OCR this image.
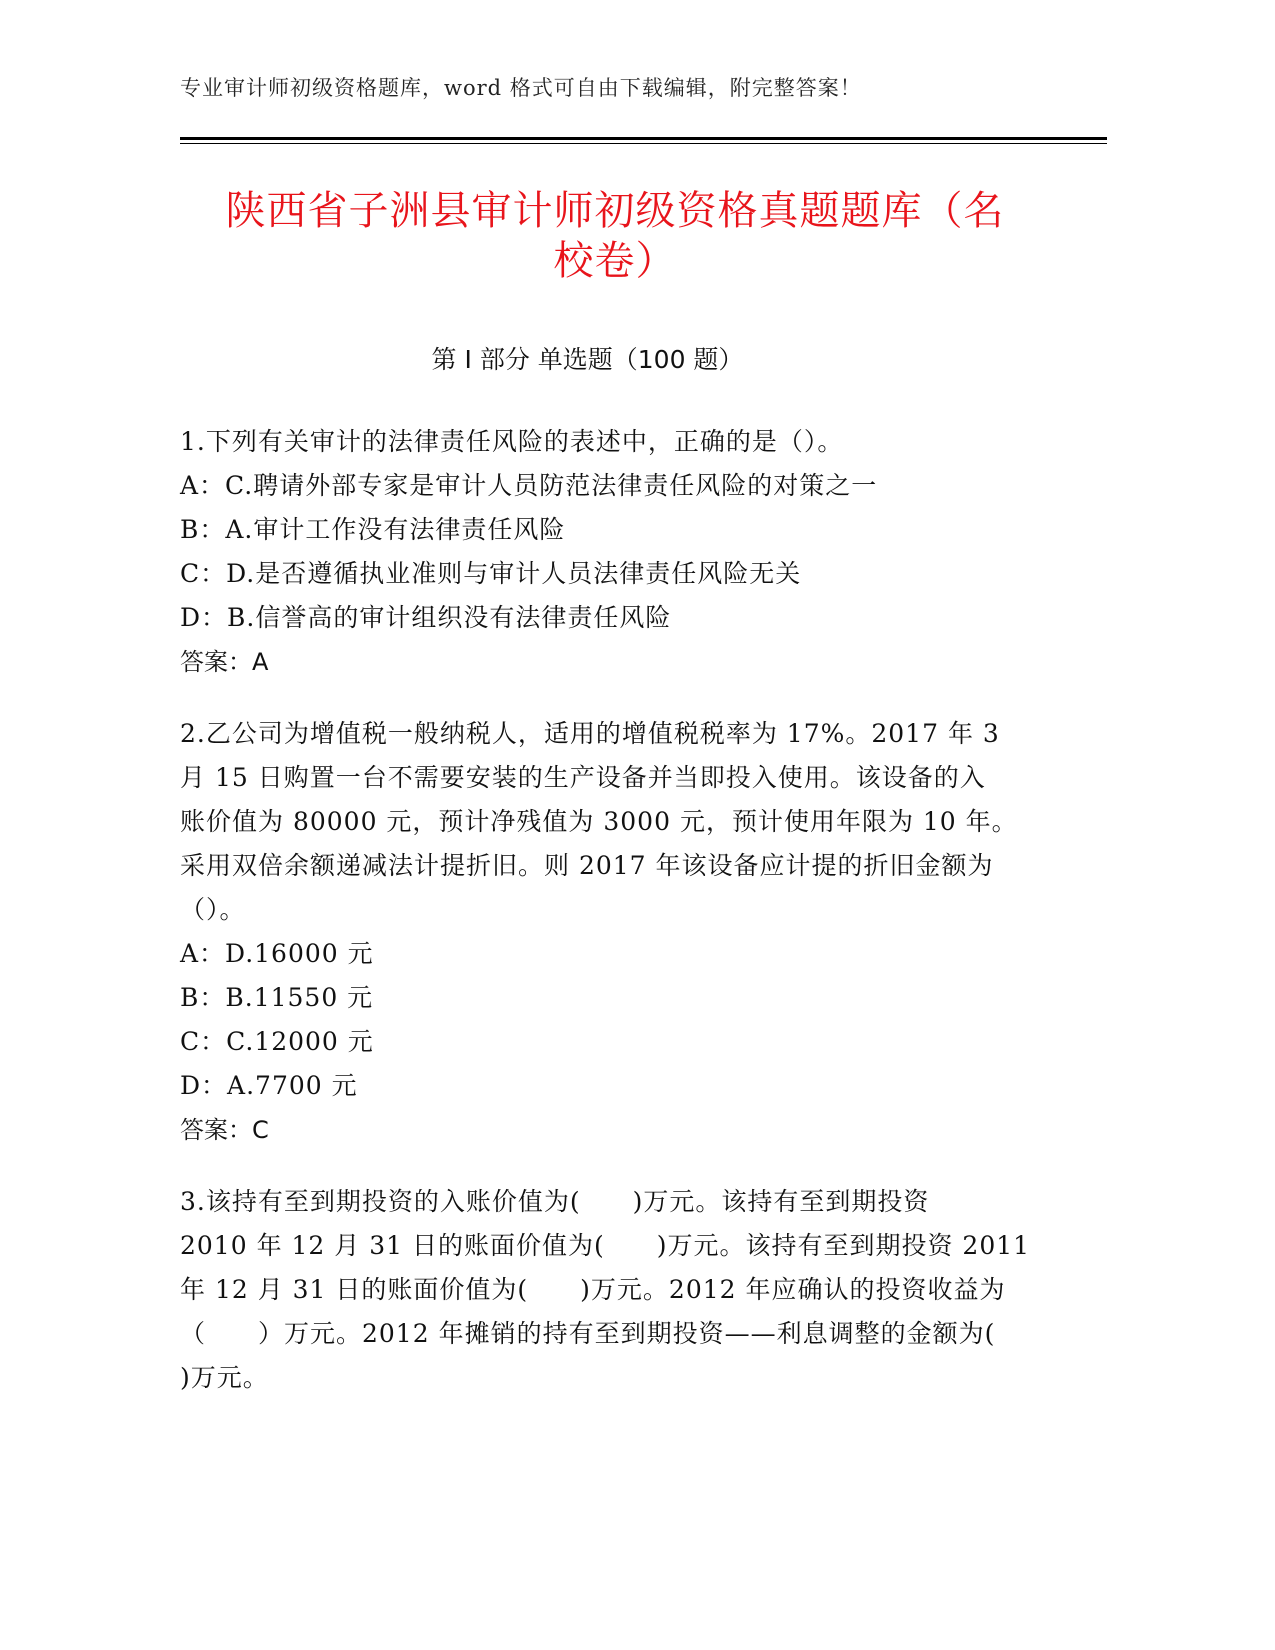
专业审计师初级资格题库，word 格式可自由下载编辑，附完整答案！
陕西省子洲县审计师初级资格真题题库（名
校卷）
第 I 部分 单选题（100 题）
1.下列有关审计的法律责任风险的表述中，正确的是（）。
A：C.聘请外部专家是审计人员防范法律责任风险的对策之一
B：A.审计工作没有法律责任风险
C：D.是否遵循执业准则与审计人员法律责任风险无关
D：B.信誉高的审计组织没有法律责任风险
答案：A
2.乙公司为增值税一般纳税人，适用的增值税税率为 17%。2017 年 3
月 15 日购置一台不需要安装的生产设备并当即投入使用。该设备的入
账价值为 80000 元，预计净残值为 3000 元，预计使用年限为 10 年。
采用双倍余额递减法计提折旧。则 2017 年该设备应计提的折旧金额为
（）。
A：D.16000 元
B：B.11550 元
C：C.12000 元
D：A.7700 元
答案：C
3.该持有至到期投资的入账价值为(　　)万元。该持有至到期投资
2010 年 12 月 31 日的账面价值为(　　)万元。该持有至到期投资 2011
年 12 月 31 日的账面价值为(　　)万元。2012 年应确认的投资收益为
（　　）万元。2012 年摊销的持有至到期投资——利息调整的金额为(
)万元。
